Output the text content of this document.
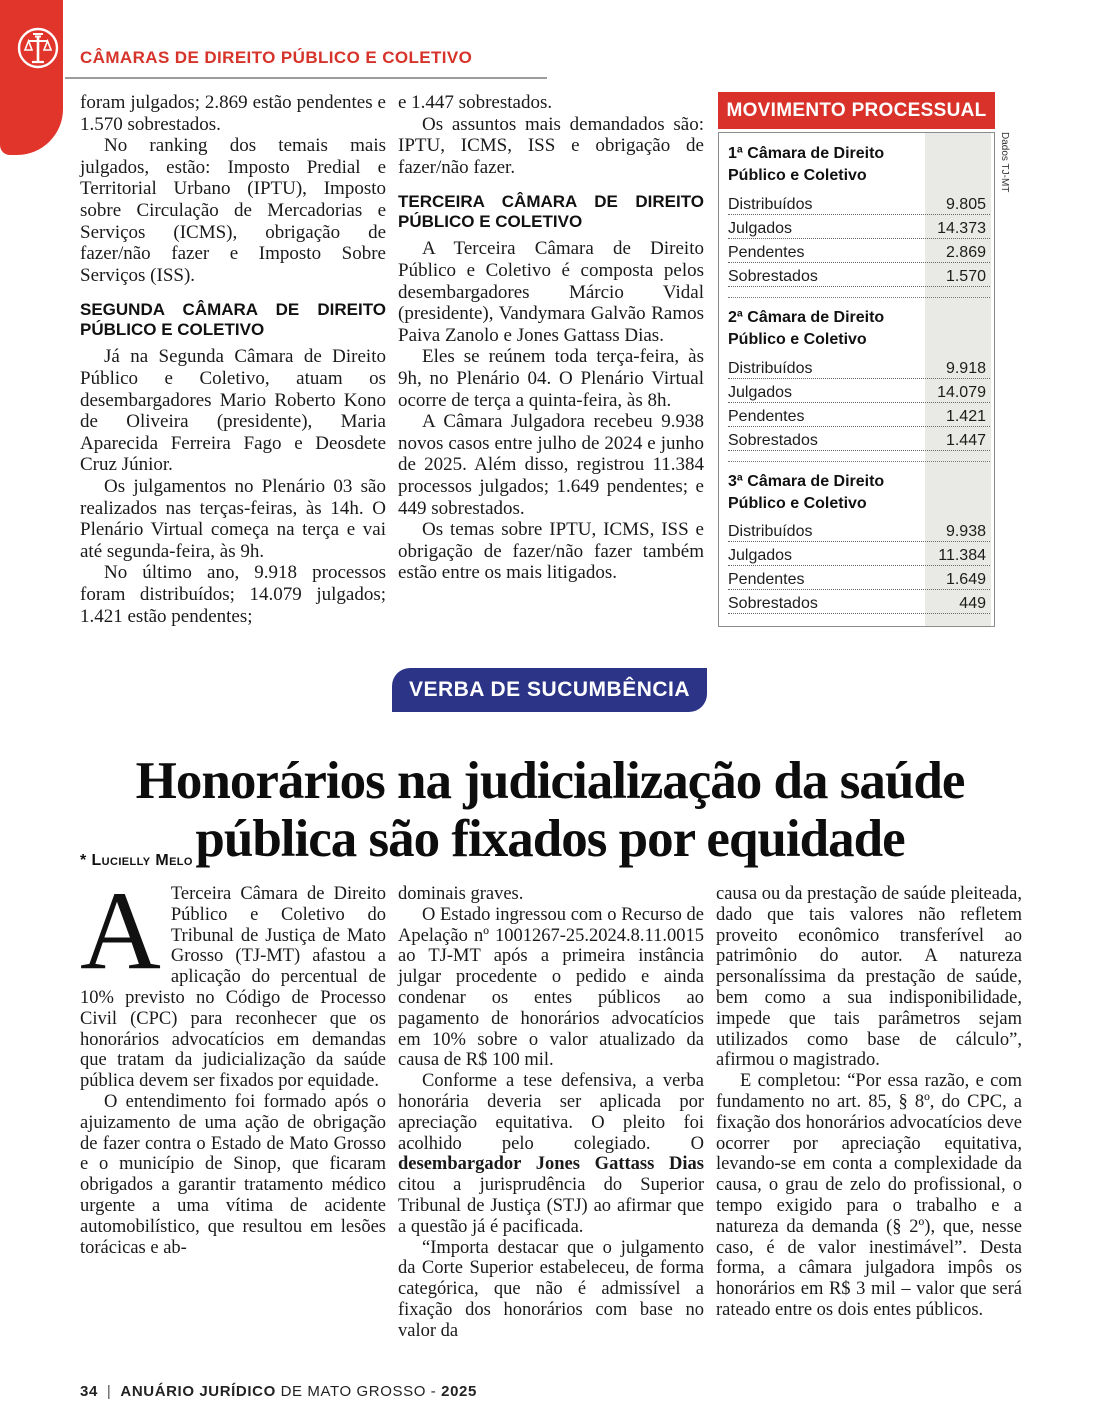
CÂMARAS DE DIREITO PÚBLICO E COLETIVO

foram julgados; 2.869 estão pendentes e 1.570 sobrestados.

No ranking dos temais mais julgados, estão: Imposto Predial e Territorial Urbano (IPTU), Imposto sobre Circulação de Mercadorias e Serviços (ICMS), obrigação de fazer/não fazer e Imposto Sobre Serviços (ISS).

SEGUNDA CÂMARA DE DIREITO PÚBLICO E COLETIVO

Já na Segunda Câmara de Direito Público e Coletivo, atuam os desembargadores Mario Roberto Kono de Oliveira (presidente), Maria Aparecida Ferreira Fago e Deosdete Cruz Júnior.

Os julgamentos no Plenário 03 são realizados nas terças-feiras, às 14h. O Plenário Virtual começa na terça e vai até segunda-feira, às 9h.

No último ano, 9.918 processos foram distribuídos; 14.079 julgados; 1.421 estão pendentes;

e 1.447 sobrestados.

Os assuntos mais demandados são: IPTU, ICMS, ISS e obrigação de fazer/não fazer.

TERCEIRA CÂMARA DE DIREITO PÚBLICO E COLETIVO

A Terceira Câmara de Direito Público e Coletivo é composta pelos desembargadores Márcio Vidal (presidente), Vandymara Galvão Ramos Paiva Zanolo e Jones Gattass Dias.

Eles se reúnem toda terça-feira, às 9h, no Plenário 04. O Plenário Virtual ocorre de terça a quinta-feira, às 8h.

A Câmara Julgadora recebeu 9.938 novos casos entre julho de 2024 e junho de 2025. Além disso, registrou 11.384 processos julgados; 1.649 pendentes; e 449 sobrestados.

Os temas sobre IPTU, ICMS, ISS e obrigação de fazer/não fazer também estão entre os mais litigados.

MOVIMENTO PROCESSUAL
1ª Câmara de Direito Público e Coletivo
Distribuídos	9.805
Julgados	14.373
Pendentes	2.869
Sobrestados	1.570
2ª Câmara de Direito Público e Coletivo
Distribuídos	9.918
Julgados	14.079
Pendentes	1.421
Sobrestados	1.447
3ª Câmara de Direito Público e Coletivo
Distribuídos	9.938
Julgados	11.384
Pendentes	1.649
Sobrestados	449
Dados TJ-MT
VERBA DE SUCUMBÊNCIA
Honorários na judicialização da saúde
pública são fixados por equidade
* Lucielly Melo

A Terceira Câmara de Direito Público e Coletivo do Tribunal de Justiça de Mato Grosso (TJ-MT) afastou a aplicação do percentual de 10% previsto no Código de Processo Civil (CPC) para reconhecer que os honorários advocatícios em demandas que tratam da judicialização da saúde pública devem ser fixados por equidade.

O entendimento foi formado após o ajuizamento de uma ação de obrigação de fazer contra o Estado de Mato Grosso e o município de Sinop, que ficaram obrigados a garantir tratamento médico urgente a uma vítima de acidente automobilístico, que resultou em lesões torácicas e ab-

dominais graves.

O Estado ingressou com o Recurso de Apelação nº 1001267-25.2024.8.11.0015 ao TJ-MT após a primeira instância julgar procedente o pedido e ainda condenar os entes públicos ao pagamento de honorários advocatícios em 10% sobre o valor atualizado da causa de R$ 100 mil.

Conforme a tese defensiva, a verba honorária deveria ser aplicada por apreciação equitativa. O pleito foi acolhido pelo colegiado. O desembargador Jones Gattass Dias citou a jurisprudência do Superior Tribunal de Justiça (STJ) ao afirmar que a questão já é pacificada.

“Importa destacar que o julgamento da Corte Superior estabeleceu, de forma categórica, que não é admissível a fixação dos honorários com base no valor da

causa ou da prestação de saúde pleiteada, dado que tais valores não refletem proveito econômico transferível ao patrimônio do autor. A natureza personalíssima da prestação de saúde, bem como a sua indisponibilidade, impede que tais parâmetros sejam utilizados como base de cálculo”, afirmou o magistrado.

E completou: “Por essa razão, e com fundamento no art. 85, § 8º, do CPC, a fixação dos honorários advocatícios deve ocorrer por apreciação equitativa, levando-se em conta a complexidade da causa, o grau de zelo do profissional, o tempo exigido para o trabalho e a natureza da demanda (§ 2º), que, nesse caso, é de valor inestimável”. Desta forma, a câmara julgadora impôs os honorários em R$ 3 mil – valor que será rateado entre os dois entes públicos.

34 | ANUÁRIO JURÍDICO DE MATO GROSSO - 2025
